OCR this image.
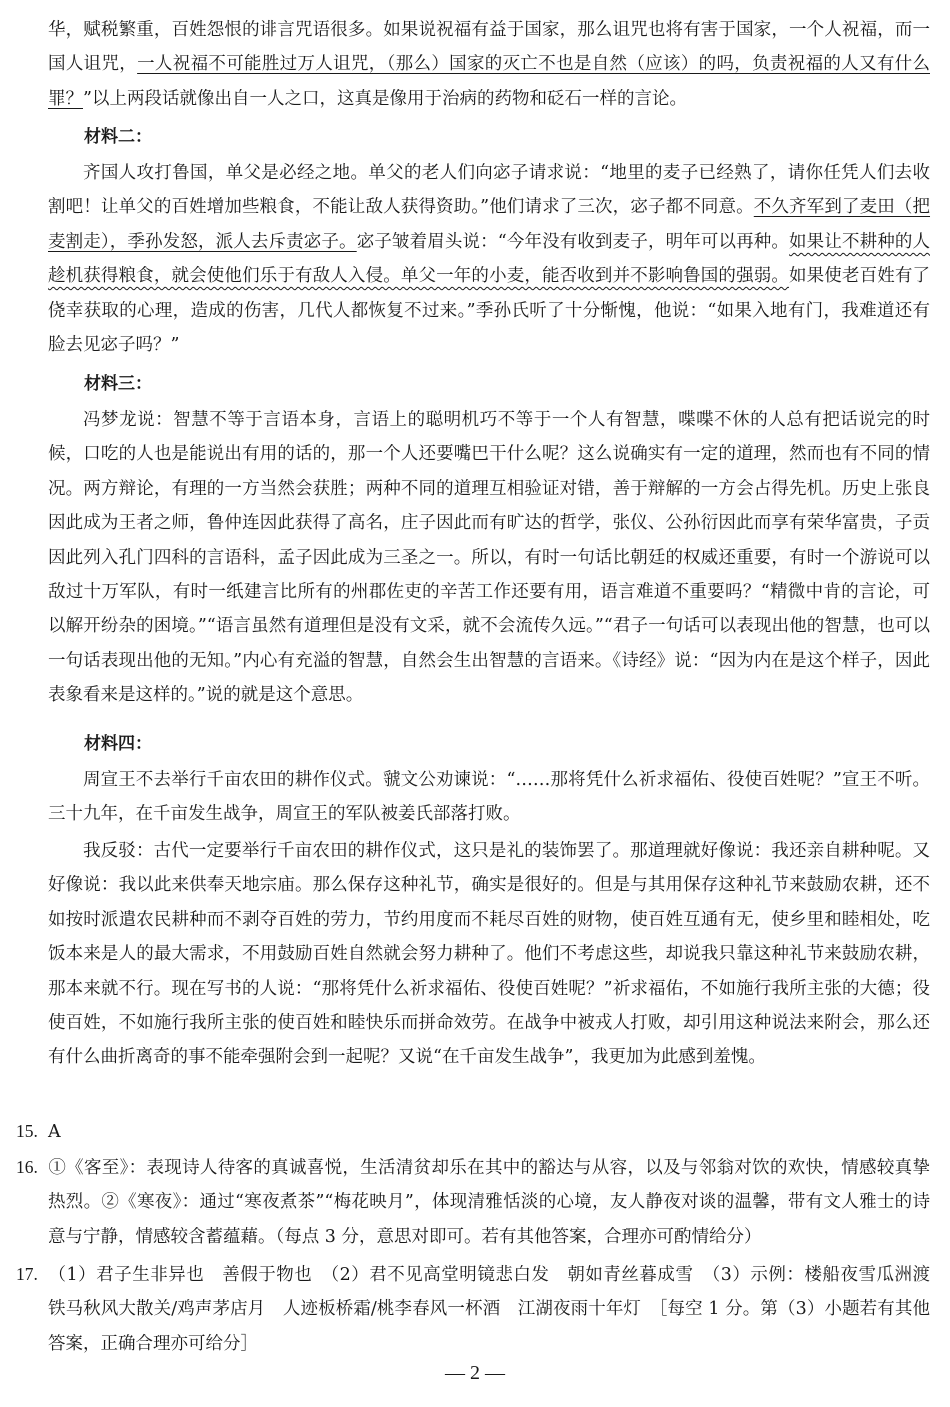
华，赋税繁重，百姓怨恨的诽言咒语很多。如果说祝福有益于国家，那么诅咒也将有害于国家，一个人祝福，而一国人诅咒，一人祝福不可能胜过万人诅咒，（那么）国家的灭亡不也是自然（应该）的吗，负责祝福的人又有什么罪？”以上两段话就像出自一人之口，这真是像用于治病的药物和砭石一样的言论。

材料二：

齐国人攻打鲁国，单父是必经之地。单父的老人们向宓子请求说：“地里的麦子已经熟了，请你任凭人们去收割吧！让单父的百姓增加些粮食，不能让敌人获得资助。”他们请求了三次，宓子都不同意。不久齐军到了麦田（把麦割走），季孙发怒，派人去斥责宓子。宓子皱着眉头说：“今年没有收到麦子，明年可以再种。如果让不耕种的人趁机获得粮食，就会使他们乐于有敌人入侵。单父一年的小麦，能否收到并不影响鲁国的强弱。如果使老百姓有了侥幸获取的心理，造成的伤害，几代人都恢复不过来。”季孙氏听了十分惭愧，他说：“如果入地有门，我难道还有脸去见宓子吗？”

材料三：

冯梦龙说：智慧不等于言语本身，言语上的聪明机巧不等于一个人有智慧，喋喋不休的人总有把话说完的时候，口吃的人也是能说出有用的话的，那一个人还要嘴巴干什么呢？这么说确实有一定的道理，然而也有不同的情况。两方辩论，有理的一方当然会获胜；两种不同的道理互相验证对错，善于辩解的一方会占得先机。历史上张良因此成为王者之师，鲁仲连因此获得了高名，庄子因此而有旷达的哲学，张仪、公孙衍因此而享有荣华富贵，子贡因此列入孔门四科的言语科，孟子因此成为三圣之一。所以，有时一句话比朝廷的权威还重要，有时一个游说可以敌过十万军队，有时一纸建言比所有的州郡佐吏的辛苦工作还要有用，语言难道不重要吗？“精微中肯的言论，可以解开纷杂的困境。”“语言虽然有道理但是没有文采，就不会流传久远。”“君子一句话可以表现出他的智慧，也可以一句话表现出他的无知。”内心有充溢的智慧，自然会生出智慧的言语来。《诗经》说：“因为内在是这个样子，因此表象看来是这样的。”说的就是这个意思。

材料四：

周宣王不去举行千亩农田的耕作仪式。虢文公劝谏说：“……那将凭什么祈求福佑、役使百姓呢？”宣王不听。三十九年，在千亩发生战争，周宣王的军队被姜氏部落打败。

我反驳：古代一定要举行千亩农田的耕作仪式，这只是礼的装饰罢了。那道理就好像说：我还亲自耕种呢。又好像说：我以此来供奉天地宗庙。那么保存这种礼节，确实是很好的。但是与其用保存这种礼节来鼓励农耕，还不如按时派遣农民耕种而不剥夺百姓的劳力，节约用度而不耗尽百姓的财物，使百姓互通有无，使乡里和睦相处，吃饭本来是人的最大需求，不用鼓励百姓自然就会努力耕种了。他们不考虑这些，却说我只靠这种礼节来鼓励农耕，那本来就不行。现在写书的人说：“那将凭什么祈求福佑、役使百姓呢？”祈求福佑，不如施行我所主张的大德；役使百姓，不如施行我所主张的使百姓和睦快乐而拼命效劳。在战争中被戎人打败，却引用这种说法来附会，那么还有什么曲折离奇的事不能牵强附会到一起呢？又说“在千亩发生战争”，我更加为此感到羞愧。

15. A

16. ①《客至》：表现诗人待客的真诚喜悦，生活清贫却乐在其中的豁达与从容，以及与邻翁对饮的欢快，情感较真挚热烈。②《寒夜》：通过“寒夜煮茶”“梅花映月”，体现清雅恬淡的心境，友人静夜对谈的温馨，带有文人雅士的诗意与宁静，情感较含蓄蕴藉。（每点 3 分，意思对即可。若有其他答案，合理亦可酌情给分）

17. （1）君子生非异也　善假于物也　（2）君不见高堂明镜悲白发　朝如青丝暮成雪　（3）示例：楼船夜雪瓜洲渡　铁马秋风大散关/鸡声茅店月　人迹板桥霜/桃李春风一杯酒　江湖夜雨十年灯　［每空 1 分。第（3）小题若有其他答案，正确合理亦可给分］

— 2 —
